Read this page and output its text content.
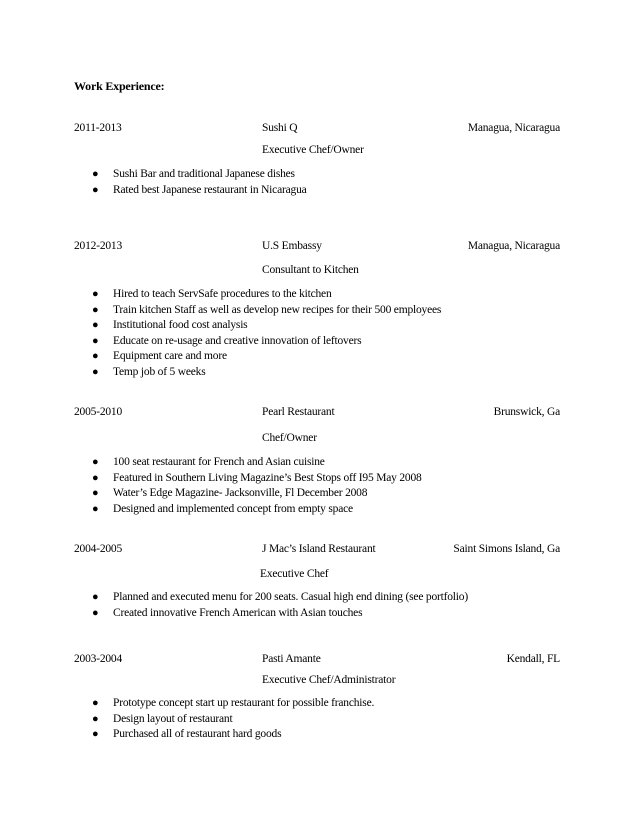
Work Experience:
2011-2013	Sushi Q	Managua, Nicaragua
Executive Chef/Owner
● Sushi Bar and traditional Japanese dishes
● Rated best Japanese restaurant in Nicaragua
2012-2013	U.S Embassy	Managua, Nicaragua
Consultant to Kitchen
● Hired to teach ServSafe procedures to the kitchen
● Train kitchen Staff as well as develop new recipes for their 500 employees
● Institutional food cost analysis
● Educate on re-usage and creative innovation of leftovers
● Equipment care and more
● Temp job of 5 weeks
2005-2010	Pearl Restaurant	Brunswick, Ga
Chef/Owner
● 100 seat restaurant for French and Asian cuisine
● Featured in Southern Living Magazine’s Best Stops off I95 May 2008
● Water’s Edge Magazine- Jacksonville, Fl December 2008
● Designed and implemented concept from empty space
2004-2005	J Mac’s Island Restaurant	Saint Simons Island, Ga
Executive Chef
● Planned and executed menu for 200 seats. Casual high end dining (see portfolio)
● Created innovative French American with Asian touches
2003-2004	Pasti Amante	Kendall, FL
Executive Chef/Administrator
● Prototype concept start up restaurant for possible franchise.
● Design layout of restaurant
● Purchased all of restaurant hard goods
